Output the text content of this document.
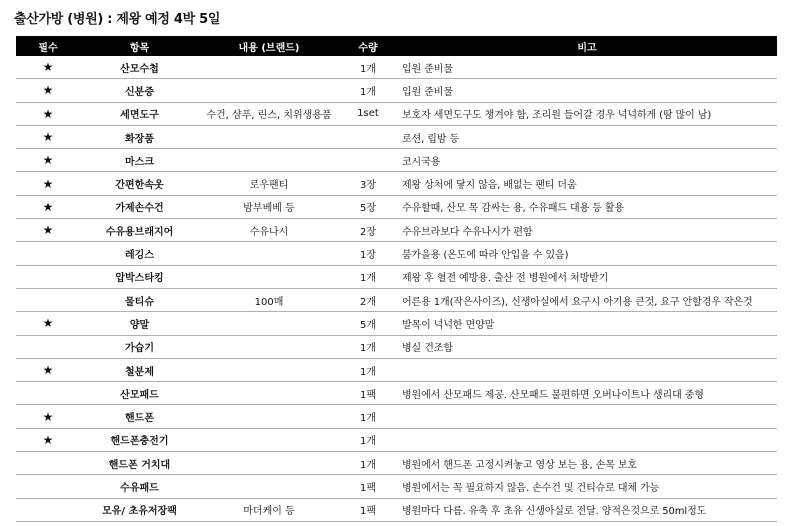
출산가방 (병원) : 제왕 예정 4박 5일
필수	항목	내용 (브랜드)	수량	비고
★	산모수첩		1개	입원 준비물
★	신분증		1개	입원 준비물
★	세면도구	수건, 샴푸, 린스, 치위생용품	1set	보호자 세면도구도 챙겨야 함, 조리원 들어갈 경우 넉넉하게 (땀 많이 남)
★	화장품			로션, 립밤 등
★	마스크			코시국용
★	간편한속옷	로우팬티	3장	제왕 상처에 닿지 않음, 배없는 팬티 더움
★	가제손수건	밤부베베 등	5장	수유할때, 산모 목 감싸는 용, 수유패드 대용 등 활용
★	수유용브래지어	수유나시	2장	수유브라보다 수유나시가 편함
	레깅스		1장	붐가을용 (온도에 따라 안입을 수 있음)
	압박스타킹		1개	제왕 후 혈전 예방용. 출산 전 병원에서 처방받기
	물티슈	100매	2개	어른용 1개(작은사이즈), 신생아실에서 요구시 아기용 큰것, 요구 안할경우 작은것
★	양말		5개	발목이 넉넉한 면양말
	가습기		1개	병실 건조함
★	철분제		1개	
	산모패드		1팩	병원에서 산모패드 제공. 산모패드 불편하면 오버나이트나 생리대 중형
★	핸드폰		1개	
★	핸드폰충전기		1개	
	핸드폰 거치대		1개	병원에서 핸드폰 고정시켜놓고 영상 보는 용, 손목 보호
	수유패드		1팩	병원에서는 꼭 필요하지 않음. 손수건 및 건티슈로 대체 가능
	모유/ 초유저장팩	마더케이 등	1팩	병원마다 다름. 유축 후 초유 신생아실로 전달. 양적은것으로 50ml정도
